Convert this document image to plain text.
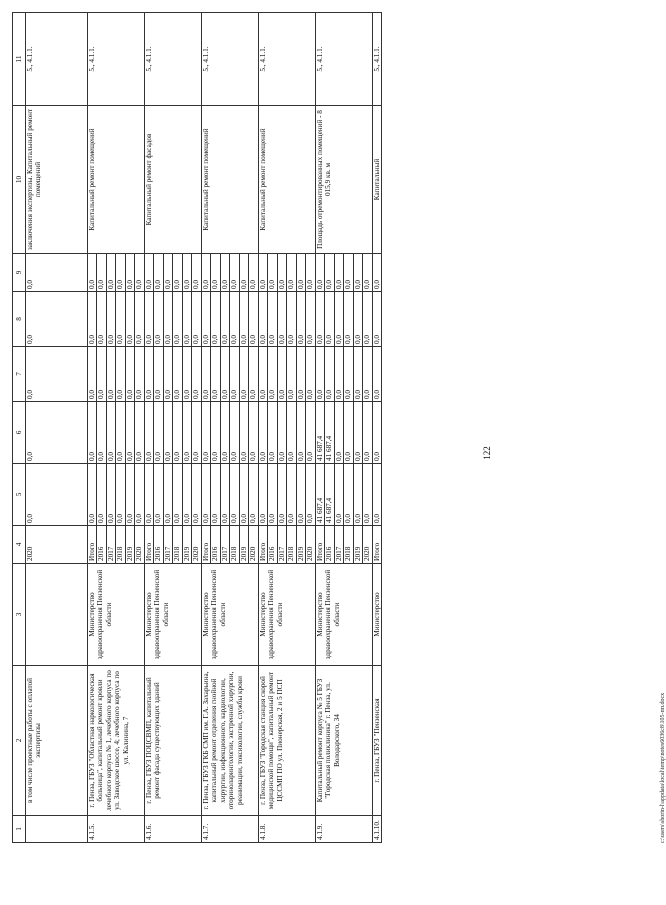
122
1	2	3	4	5	6	7	8	9	10	11
	в том числе проектные работы с оплатой экспертизы		2020	0,0	0,0	0,0	0,0	0,0	заключения экспертизы. Капитальный ремонт помещений	5., 4.1.1.
4.1.5.	г. Пенза, ГБУЗ "Областная наркологическая больница", капитальный ремонт кровли лечебного корпуса № 1, лечебного корпуса по ул. Заводское шоссе, 4; лечебного корпуса по ул. Калинина, 7	Министерство здравоохранения Пензенской области	Итого	0,0	0,0	0,0	0,0	0,0	Капитальный ремонт помещений	5., 4.1.1.
			2016	0,0	0,0	0,0	0,0	0,0		
			2017	0,0	0,0	0,0	0,0	0,0		
			2018	0,0	0,0	0,0	0,0	0,0		
			2019	0,0	0,0	0,0	0,0	0,0		
			2020	0,0	0,0	0,0	0,0	0,0		
4.1.6.	г. Пенза, ГБУЗ ПОЦСВМП, капитальный ремонт фасада существующих зданий	Министерство здравоохранения Пензенской области	Итого	0,0	0,0	0,0	0,0	0,0	Капитальный ремонт фасадов	5., 4.1.1.
			2016	0,0	0,0	0,0	0,0	0,0		
			2017	0,0	0,0	0,0	0,0	0,0		
			2018	0,0	0,0	0,0	0,0	0,0		
			2019	0,0	0,0	0,0	0,0	0,0		
			2020	0,0	0,0	0,0	0,0	0,0		
4.1.7.	г. Пенза, ГБУЗ ГКБ СМП им. Г.А. Захарьина, капитальный ремонт отделения гнойной хирургии, инфекционного, кардиологии, оториноларингологии, экстренной хирургии, реанимации, токсикологии, службы крови	Министерство здравоохранения Пензенской области	Итого	0,0	0,0	0,0	0,0	0,0	Капитальный ремонт помещений	5., 4.1.1.
			2016	0,0	0,0	0,0	0,0	0,0		
			2017	0,0	0,0	0,0	0,0	0,0		
			2018	0,0	0,0	0,0	0,0	0,0		
			2019	0,0	0,0	0,0	0,0	0,0		
			2020	0,0	0,0	0,0	0,0	0,0		
4.1.8.	г. Пенза, ГБУЗ "Городская станция скорой медицинской помощи", капитальный ремонт ЦССМП ПО ул. Пионерская, 2 и 5 ПСП	Министерство здравоохранения Пензенской области	Итого	0,0	0,0	0,0	0,0	0,0	Капитальный ремонт помещений	5., 4.1.1.
			2016	0,0	0,0	0,0	0,0	0,0		
			2017	0,0	0,0	0,0	0,0	0,0		
			2018	0,0	0,0	0,0	0,0	0,0		
			2019	0,0	0,0	0,0	0,0	0,0		
			2020	0,0	0,0	0,0	0,0	0,0		
4.1.9.	Капитальный ремонт корпуса № 5 ГБУЗ "Городская поликлиника" г. Пенза, ул. Володарского, 34	Министерство здравоохранения Пензенской области	Итого	41 687,4	41 687,4	0,0	0,0	0,0	Площадь отремонтированных помещений - 8 015,9 кв. м	5., 4.1.1.
			2016	41 687,4	41 687,4	0,0	0,0	0,0		
			2017	0,0	0,0	0,0	0,0	0,0		
			2018	0,0	0,0	0,0	0,0	0,0		
			2019	0,0	0,0	0,0	0,0	0,0		
			2020	0,0	0,0	0,0	0,0	0,0		
4.1.10.	г. Пенза, ГБУЗ "Пензенская	Министерство	Итого	0,0	0,0	0,0	0,0	0,0	Капитальный	5., 4.1.1.
c:\users\shorin-l\appdata\local\temp\notes6036c8\105-пп.docx
